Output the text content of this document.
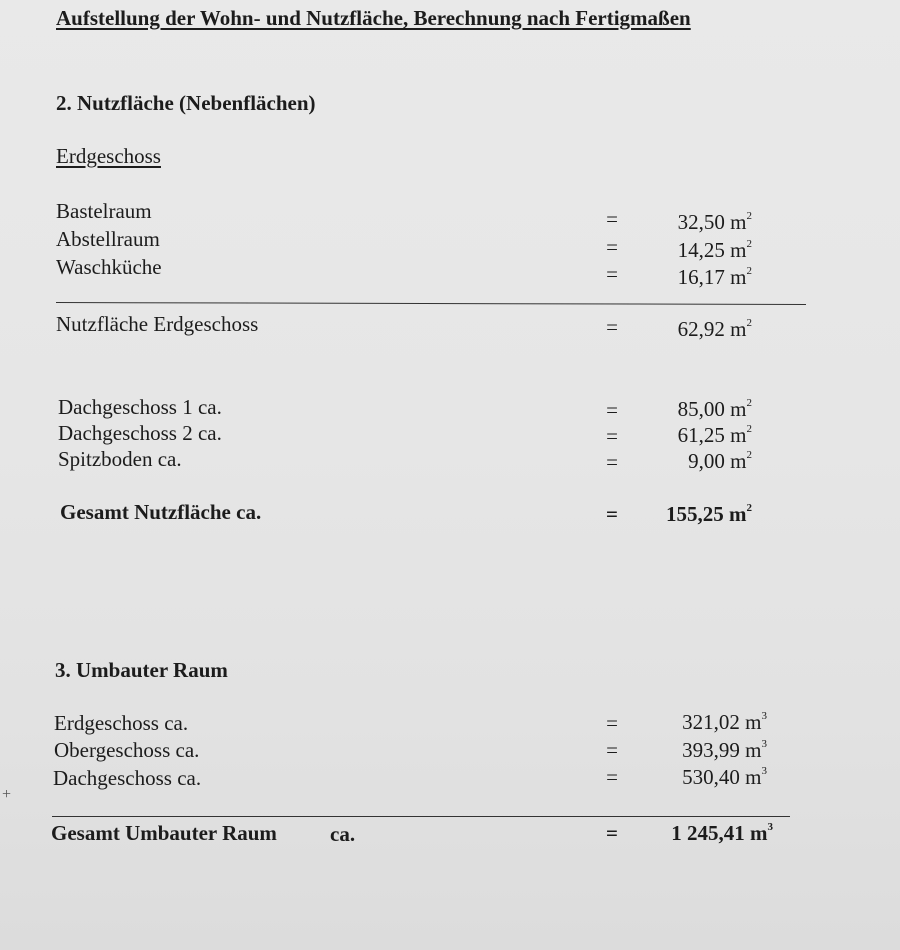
Aufstellung der Wohn- und Nutzfläche, Berechnung nach Fertigmaßen
2. Nutzfläche (Nebenflächen)
Erdgeschoss
Bastelraum	=	32,50 $m^2$
Abstellraum	=	14,25 $m^2$
Waschküche	=	16,17 $m^2$
Nutzfläche Erdgeschoss	=	62,92 $m^2$
Dachgeschoss 1 ca.	=	85,00 $m^2$
Dachgeschoss 2 ca.	=	61,25 $m^2$
Spitzboden ca.	=	9,00 $m^2$
Gesamt Nutzfläche ca.	=	155,25 $m^2$
3. Umbauter Raum
Erdgeschoss ca.	=	321,02 $m^3$
Obergeschoss ca.	=	393,99 $m^3$
Dachgeschoss ca.	=	530,40 $m^3$
Gesamt Umbauter Raum	ca.	=	1 245,41 $m^3$
+
